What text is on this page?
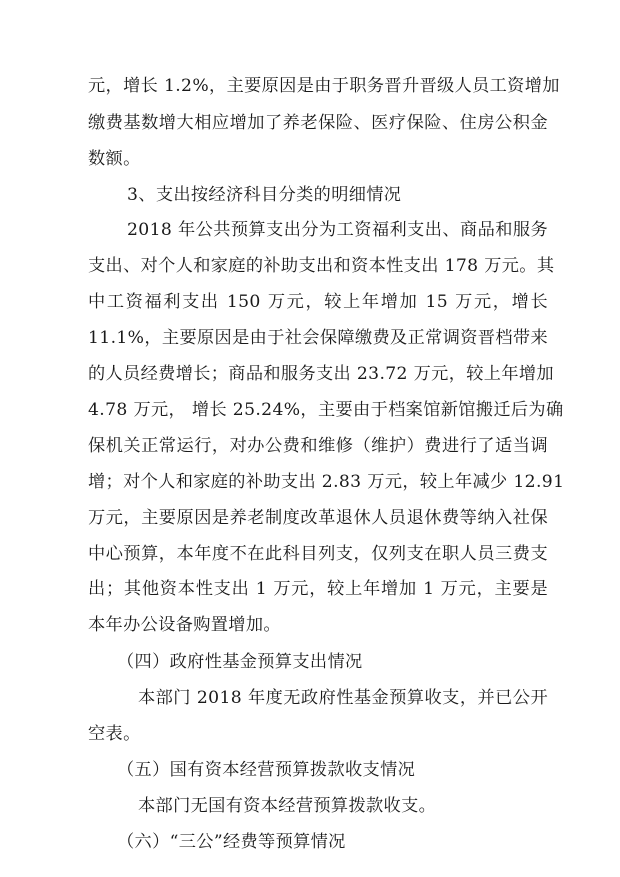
元，增长 1.2%，主要原因是由于职务晋升晋级人员工资增加
缴费基数增大相应增加了养老保险、医疗保险、住房公积金
数额。
3、支出按经济科目分类的明细情况
2018 年公共预算支出分为工资福利支出、商品和服务
支出、对个人和家庭的补助支出和资本性支出 178 万元。其
中工资福利支出 150 万元，较上年增加 15 万元，增长
11.1%，主要原因是由于社会保障缴费及正常调资晋档带来
的人员经费增长；商品和服务支出 23.72 万元，较上年增加
4.78 万元， 增长 25.24%，主要由于档案馆新馆搬迁后为确
保机关正常运行，对办公费和维修（维护）费进行了适当调
增；对个人和家庭的补助支出 2.83 万元，较上年减少 12.91
万元，主要原因是养老制度改革退休人员退休费等纳入社保
中心预算，本年度不在此科目列支，仅列支在职人员三费支
出；其他资本性支出 1 万元，较上年增加 1 万元，主要是
本年办公设备购置增加。
（四）政府性基金预算支出情况
本部门 2018 年度无政府性基金预算收支，并已公开
空表。
（五）国有资本经营预算拨款收支情况
本部门无国有资本经营预算拨款收支。
（六）“三公”经费等预算情况
